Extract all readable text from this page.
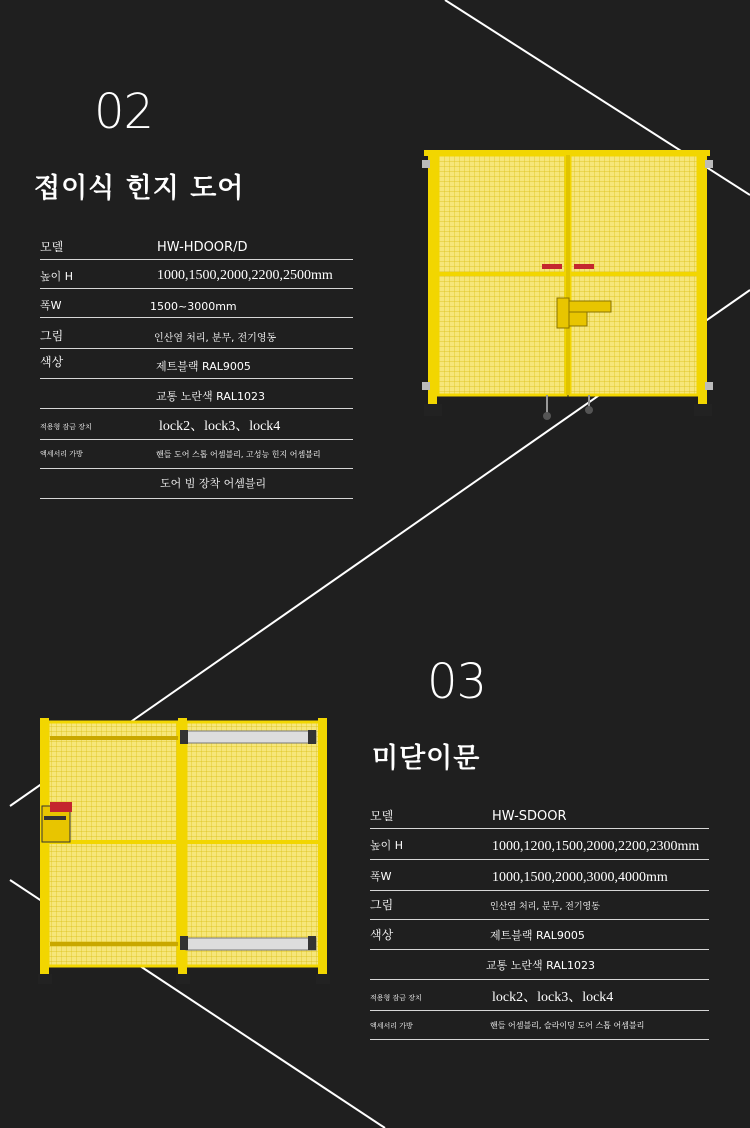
02
접이식 힌지 도어
모델	HW-HDOOR/D
높이 H	1000,1500,2000,2200,2500mm
폭W	1500~3000mm
그림	인산염 처리, 분무, 전기영동
색상	제트블랙 RAL9005
교통 노란색 RAL1023
적용형 잠금 장치	lock2、lock3、lock4
액세서리 가방	핸들 도어 스톱 어셈블리, 고성능 힌지 어셈블리
도어 빔 장착 어셈블리
03
미닫이문
모델	HW-SDOOR
높이 H	1000,1200,1500,2000,2200,2300mm
폭W	1000,1500,2000,3000,4000mm
그림	인산염 처리, 분무, 전기영동
색상	제트블랙 RAL9005
교통 노란색 RAL1023
적용형 잠금 장치	lock2、lock3、lock4
액세서리 가방	핸들 어셈블리, 슬라이딩 도어 스톱 어셈블리
